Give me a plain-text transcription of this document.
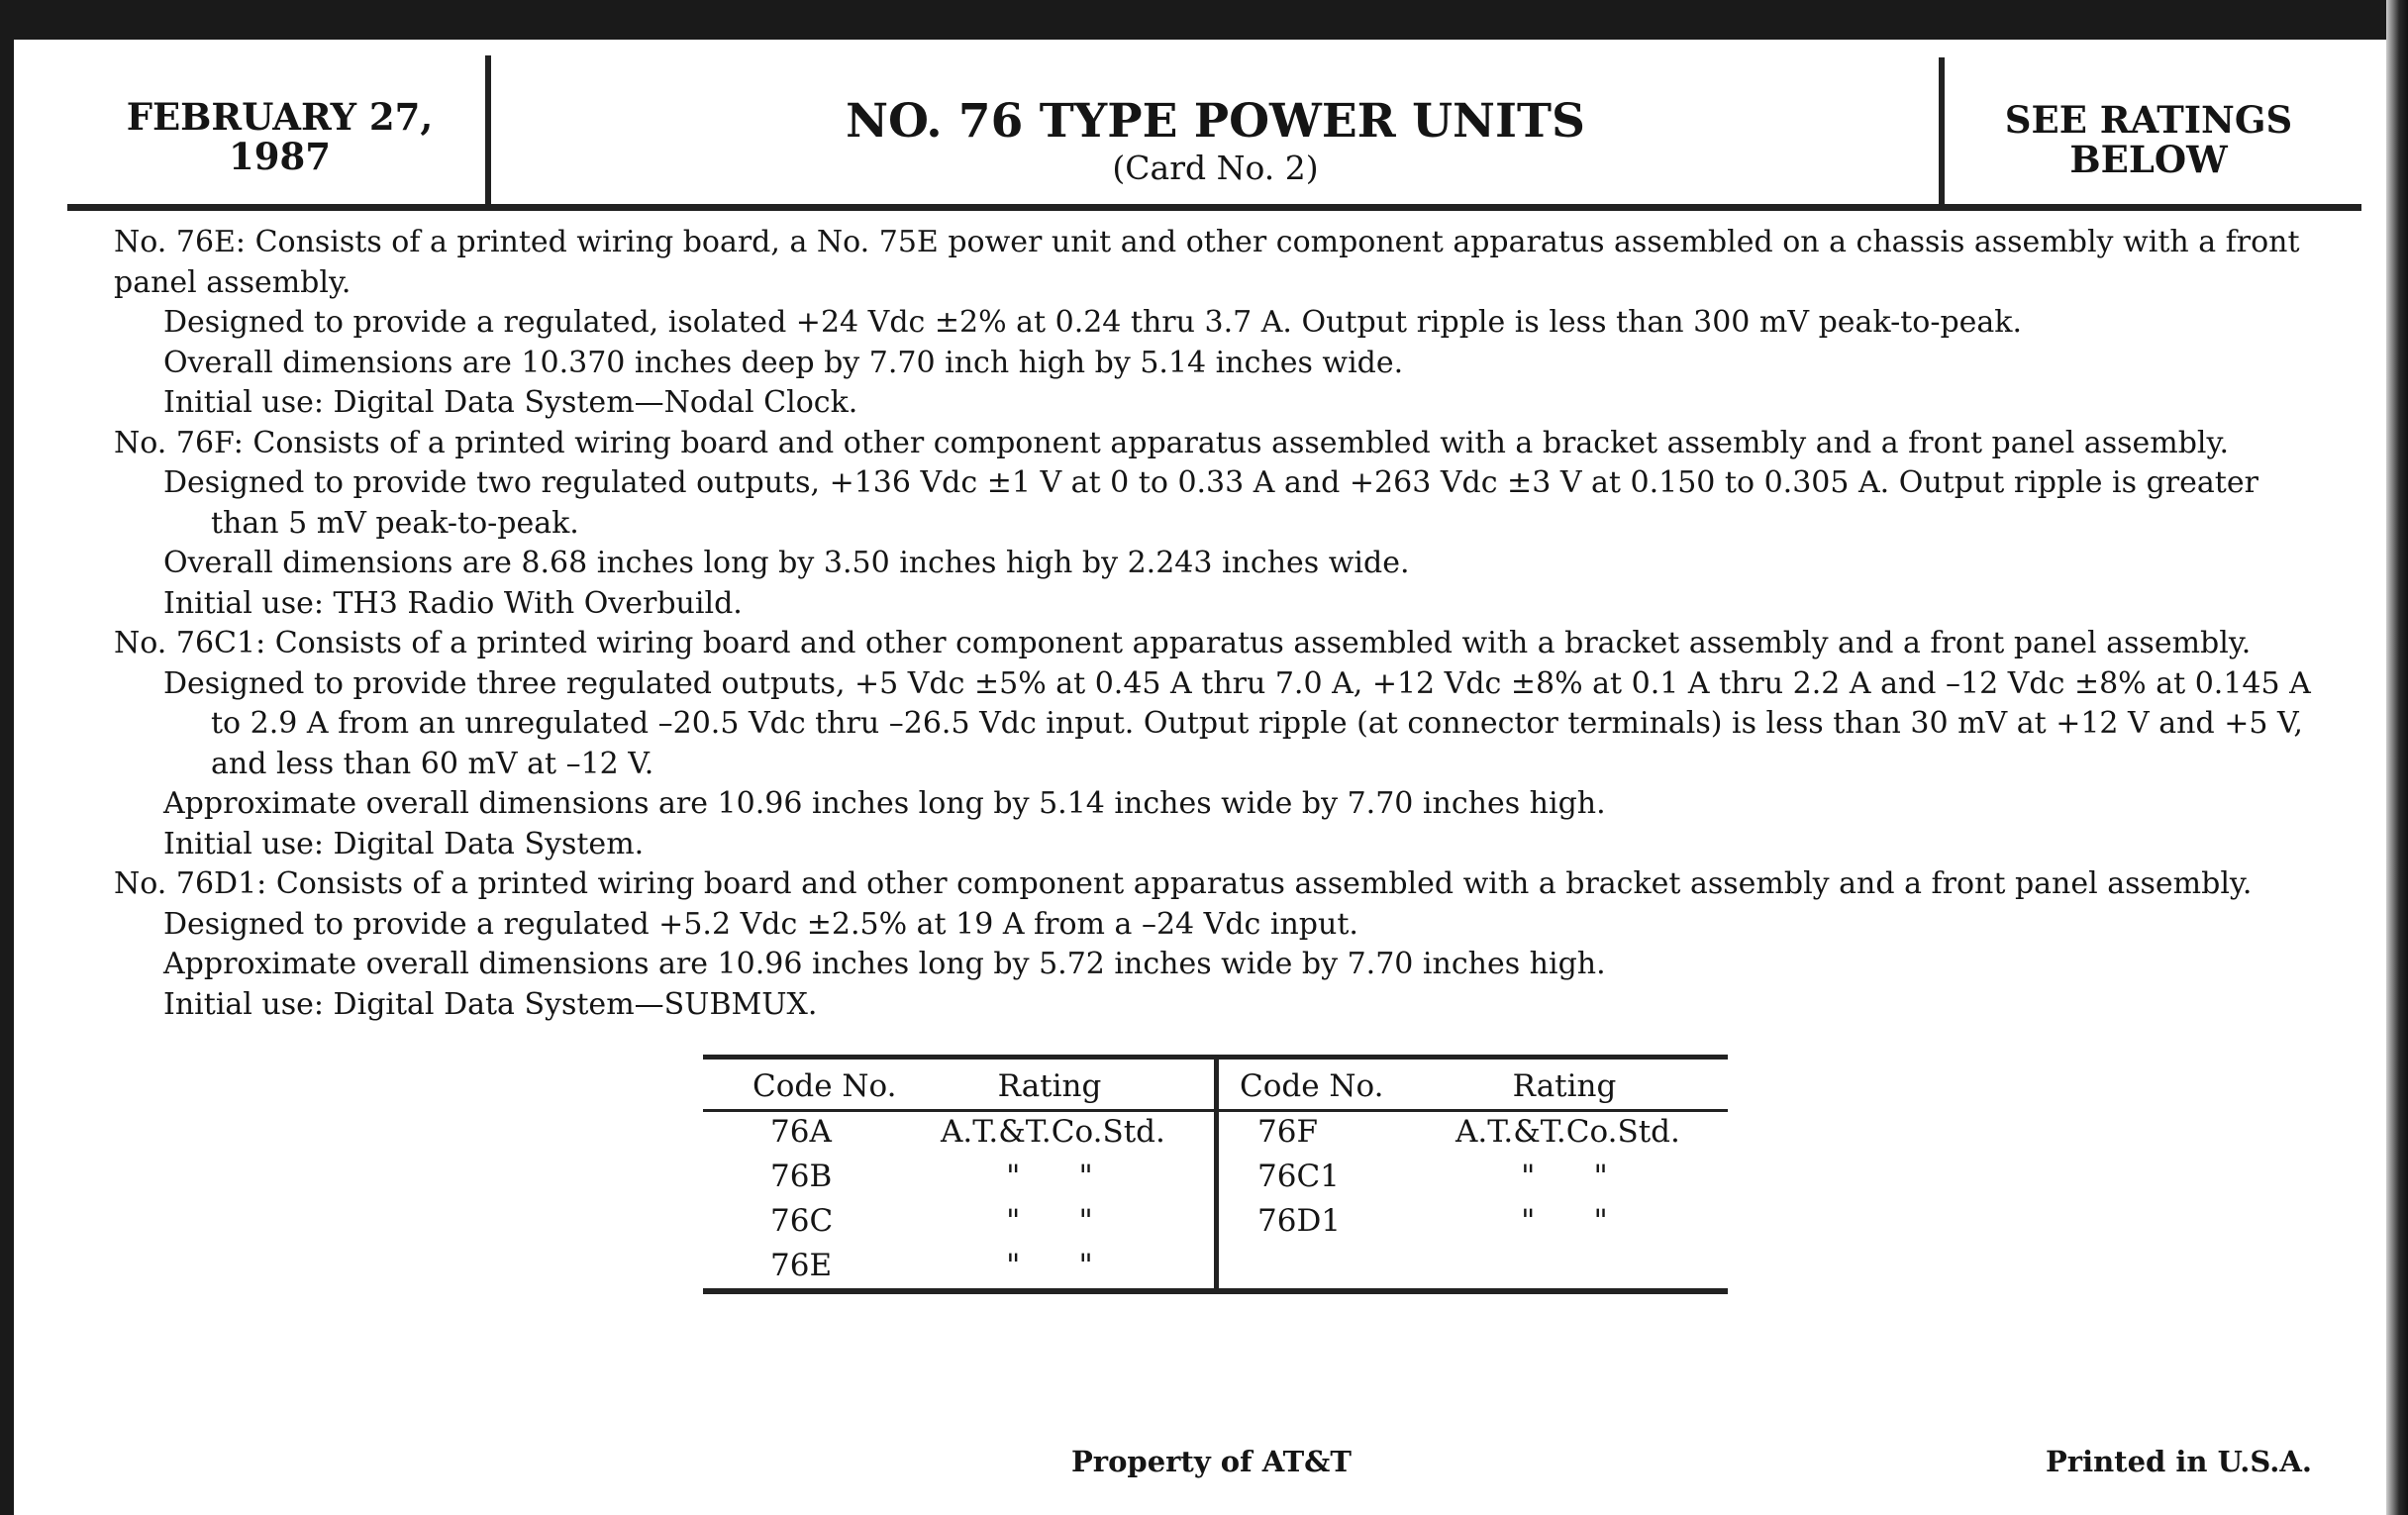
FEBRUARY 27,
1987
NO. 76 TYPE POWER UNITS
(Card No. 2)
SEE RATINGS
BELOW
No. 76E: Consists of a printed wiring board, a No. 75E power unit and other component apparatus assembled on a chassis assembly with a front panel assembly.
Designed to provide a regulated, isolated +24 Vdc ±2% at 0.24 thru 3.7 A. Output ripple is less than 300 mV peak-to-peak.
Overall dimensions are 10.370 inches deep by 7.70 inch high by 5.14 inches wide.
Initial use: Digital Data System—Nodal Clock.
No. 76F: Consists of a printed wiring board and other component apparatus assembled with a bracket assembly and a front panel assembly.
Designed to provide two regulated outputs, +136 Vdc ±1 V at 0 to 0.33 A and +263 Vdc ±3 V at 0.150 to 0.305 A. Output ripple is greater than 5 mV peak-to-peak.
Overall dimensions are 8.68 inches long by 3.50 inches high by 2.243 inches wide.
Initial use: TH3 Radio With Overbuild.
No. 76C1: Consists of a printed wiring board and other component apparatus assembled with a bracket assembly and a front panel assembly.
Designed to provide three regulated outputs, +5 Vdc ±5% at 0.45 A thru 7.0 A, +12 Vdc ±8% at 0.1 A thru 2.2 A and –12 Vdc ±8% at 0.145 A to 2.9 A from an unregulated –20.5 Vdc thru –26.5 Vdc input. Output ripple (at connector terminals) is less than 30 mV at +12 V and +5 V, and less than 60 mV at –12 V.
Approximate overall dimensions are 10.96 inches long by 5.14 inches wide by 7.70 inches high.
Initial use: Digital Data System.
No. 76D1: Consists of a printed wiring board and other component apparatus assembled with a bracket assembly and a front panel assembly.
Designed to provide a regulated +5.2 Vdc ±2.5% at 19 A from a –24 Vdc input.
Approximate overall dimensions are 10.96 inches long by 5.72 inches wide by 7.70 inches high.
Initial use: Digital Data System—SUBMUX.
Code No.
76A
76B
76C
76E
Rating
A.T.&T.Co.Std.
"      "
"      "
"      "
Code No.
76F
76C1
76D1
Rating
A.T.&T.Co.Std.
"      "
"      "
Property of AT&T	Printed in U.S.A.
